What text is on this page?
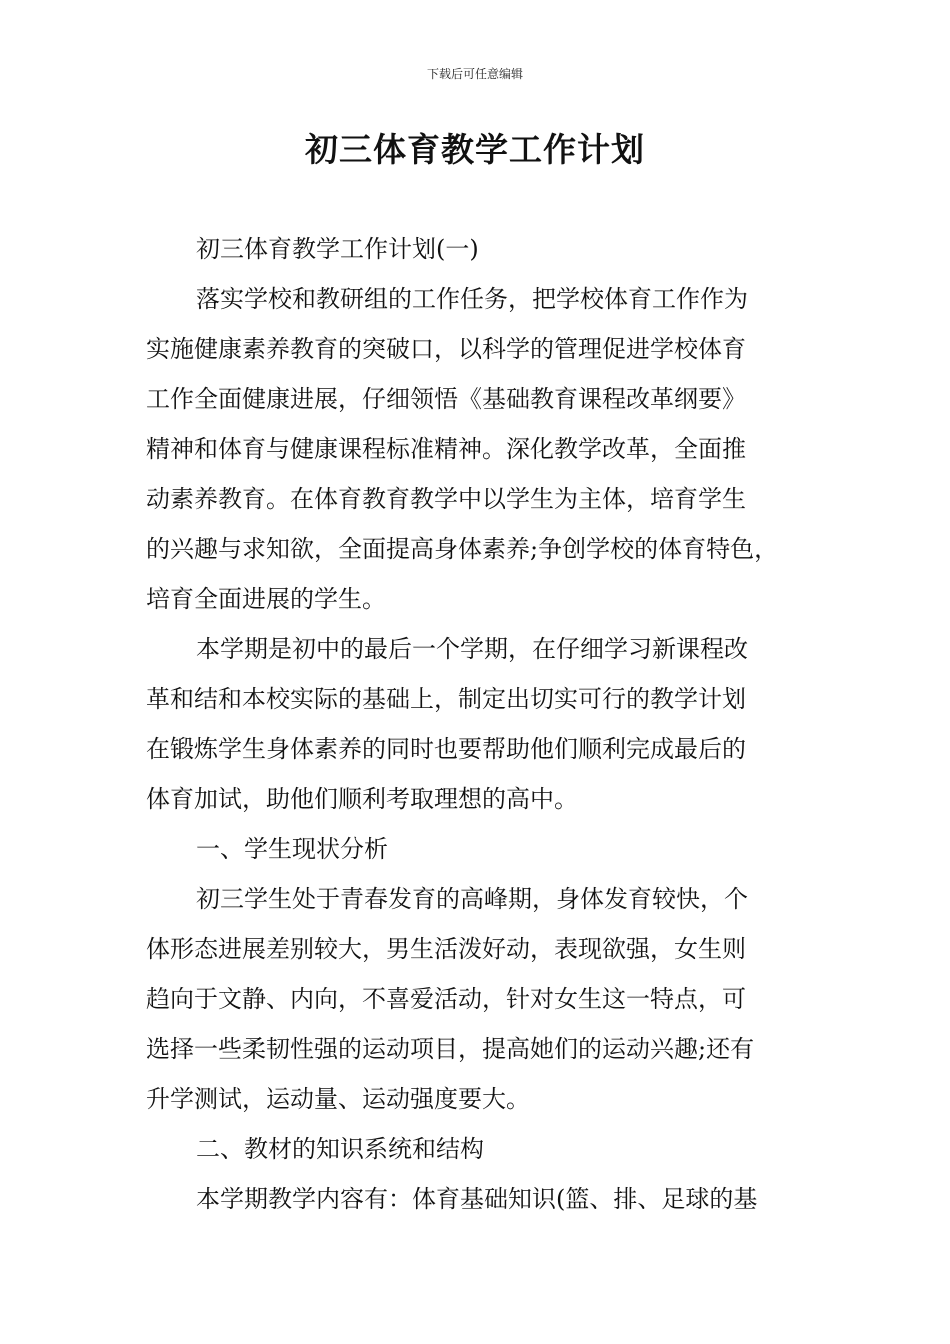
下载后可任意编辑
初三体育教学工作计划
初三体育教学工作计划(一)
落实学校和教研组的工作任务，把学校体育工作作为
实施健康素养教育的突破口，以科学的管理促进学校体育
工作全面健康进展，仔细领悟《基础教育课程改革纲要》
精神和体育与健康课程标准精神。深化教学改革，全面推
动素养教育。在体育教育教学中以学生为主体，培育学生
的兴趣与求知欲，全面提高身体素养;争创学校的体育特色，
培育全面进展的学生。
本学期是初中的最后一个学期，在仔细学习新课程改
革和结和本校实际的基础上，制定出切实可行的教学计划
在锻炼学生身体素养的同时也要帮助他们顺利完成最后的
体育加试，助他们顺利考取理想的高中。
一、学生现状分析
初三学生处于青春发育的高峰期，身体发育较快，个
体形态进展差别较大，男生活泼好动，表现欲强，女生则
趋向于文静、内向，不喜爱活动，针对女生这一特点，可
选择一些柔韧性强的运动项目，提高她们的运动兴趣;还有
升学测试，运动量、运动强度要大。
二、教材的知识系统和结构
本学期教学内容有：体育基础知识(篮、排、足球的基
